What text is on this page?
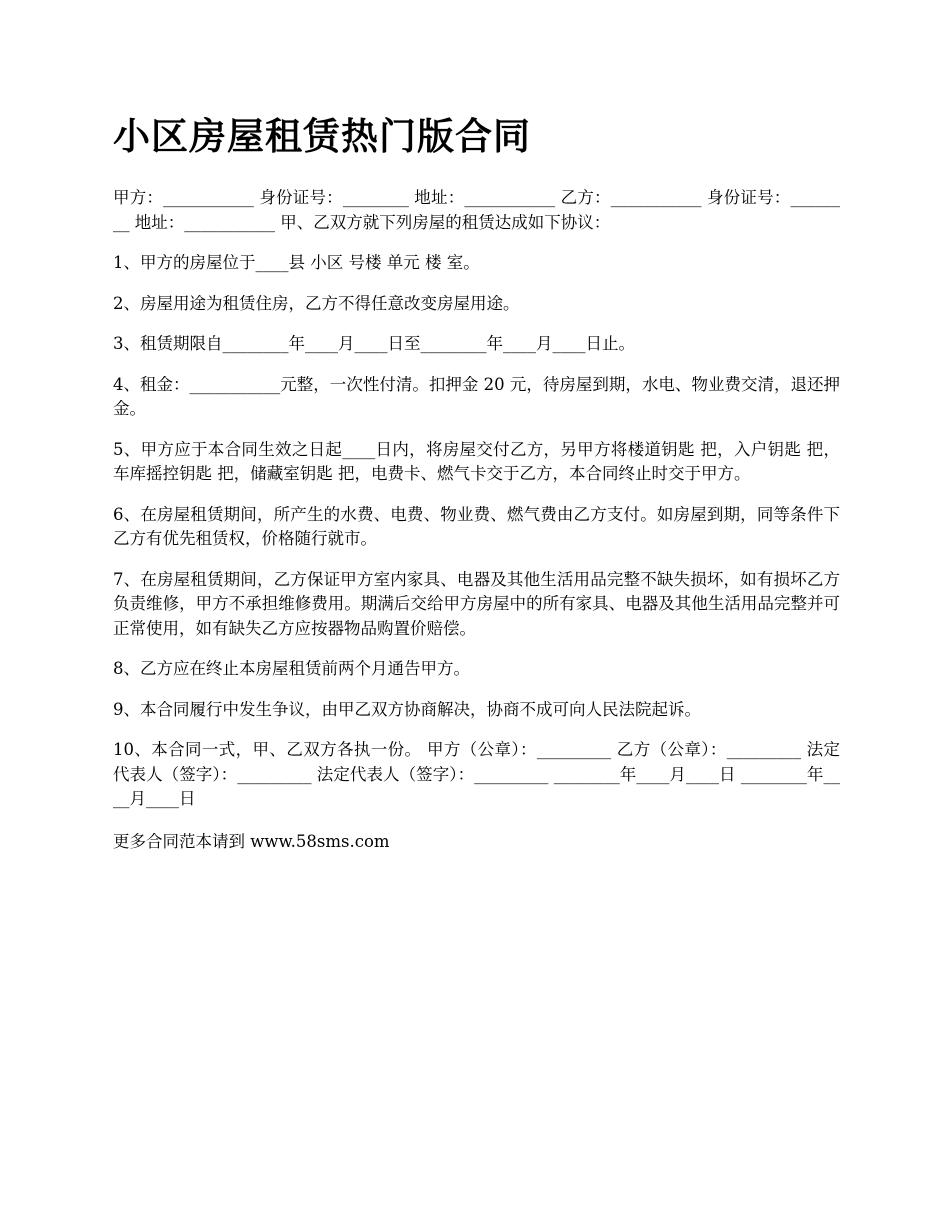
小区房屋租赁热门版合同

甲方：___________ 身份证号：________ 地址：___________ 乙方：___________ 身份证号：________ 地址：___________ 甲、乙双方就下列房屋的租赁达成如下协议：

1、甲方的房屋位于____县 小区 号楼 单元 楼 室。

2、房屋用途为租赁住房，乙方不得任意改变房屋用途。

3、租赁期限自________年____月____日至________年____月____日止。

4、租金：___________元整，一次性付清。扣押金 20 元，待房屋到期，水电、物业费交清，退还押金。

5、甲方应于本合同生效之日起____日内，将房屋交付乙方，另甲方将楼道钥匙 把，入户钥匙 把，车库摇控钥匙 把，储藏室钥匙 把，电费卡、燃气卡交于乙方，本合同终止时交于甲方。

6、在房屋租赁期间，所产生的水费、电费、物业费、燃气费由乙方支付。如房屋到期，同等条件下乙方有优先租赁权，价格随行就市。

7、在房屋租赁期间，乙方保证甲方室内家具、电器及其他生活用品完整不缺失损坏，如有损坏乙方负责维修，甲方不承担维修费用。期满后交给甲方房屋中的所有家具、电器及其他生活用品完整并可正常使用，如有缺失乙方应按器物品购置价赔偿。

8、乙方应在终止本房屋租赁前两个月通告甲方。

9、本合同履行中发生争议，由甲乙双方协商解决，协商不成可向人民法院起诉。

10、本合同一式，甲、乙双方各执一份。 甲方（公章）：_________ 乙方（公章）：_________ 法定代表人（签字）：_________ 法定代表人（签字）：_________ ________年____月____日 ________年____月____日

更多合同范本请到 www.58sms.com
